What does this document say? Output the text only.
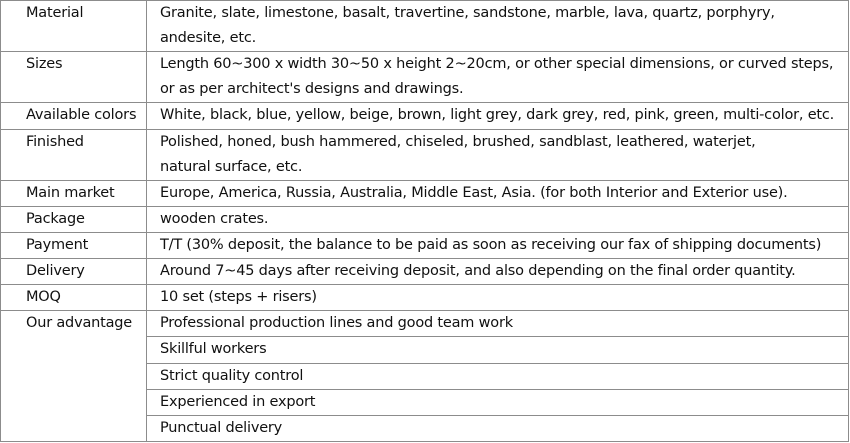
Material	Granite, slate, limestone, basalt, travertine, sandstone, marble, lava, quartz, porphyry,
andesite, etc.

Sizes	Length 60~300 x width 30~50 x height 2~20cm, or other special dimensions, or curved steps,
or as per architect's designs and drawings.

Available colors	White, black, blue, yellow, beige, brown, light grey, dark grey, red, pink, green, multi-color, etc.

Finished	Polished, honed, bush hammered, chiseled, brushed, sandblast, leathered, waterjet,
natural surface, etc.

Main market	Europe, America, Russia, Australia, Middle East, Asia. (for both Interior and Exterior use).

Package	wooden crates.

Payment	T/T (30% deposit, the balance to be paid as soon as receiving our fax of shipping documents)

Delivery	Around 7~45 days after receiving deposit, and also depending on the final order quantity.

MOQ	10 set (steps + risers)

Our advantage	Professional production lines and good team work

	Skillful workers

	Strict quality control

	Experienced in export

	Punctual delivery
